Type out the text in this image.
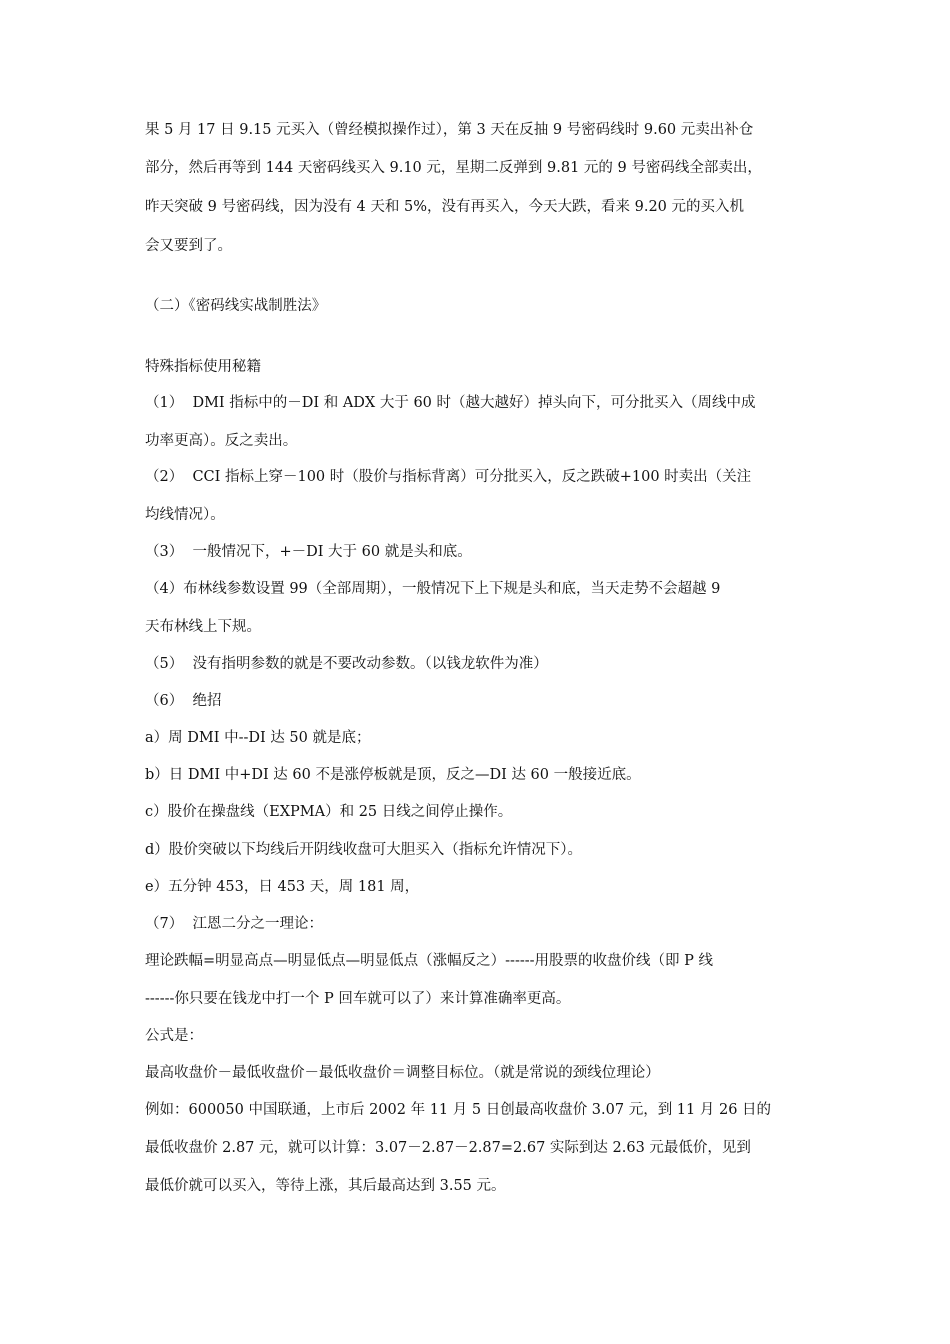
果 5 月 17 日 9.15 元买入（曾经模拟操作过），第 3 天在反抽 9 号密码线时 9.60 元卖出补仓
部分，然后再等到 144 天密码线买入 9.10 元，星期二反弹到 9.81 元的 9 号密码线全部卖出，
昨天突破 9 号密码线，因为没有 4 天和 5%，没有再买入，今天大跌，看来 9.20 元的买入机
会又要到了。
（二）《密码线实战制胜法》
特殊指标使用秘籍
（1）  DMI 指标中的－DI 和 ADX 大于 60 时（越大越好）掉头向下，可分批买入（周线中成
功率更高）。反之卖出。
（2）  CCI 指标上穿－100 时（股价与指标背离）可分批买入，反之跌破+100 时卖出（关注
均线情况）。
（3）  一般情况下，+－DI 大于 60 就是头和底。
（4）布林线参数设置 99（全部周期），一般情况下上下规是头和底，当天走势不会超越 9
天布林线上下规。
（5）  没有指明参数的就是不要改动参数。（以钱龙软件为准）
（6）  绝招
a）周 DMI 中--DI 达 50 就是底；
b）日 DMI 中+DI 达 60 不是涨停板就是顶，反之—DI 达 60 一般接近底。
c）股价在操盘线（EXPMA）和 25 日线之间停止操作。
d）股价突破以下均线后开阴线收盘可大胆买入（指标允许情况下）。
e）五分钟 453，日 453 天，周 181 周，
（7）  江恩二分之一理论：
理论跌幅=明显高点—明显低点—明显低点（涨幅反之）------用股票的收盘价线（即 P 线
------你只要在钱龙中打一个 P 回车就可以了）来计算准确率更高。
公式是：
最高收盘价－最低收盘价－最低收盘价＝调整目标位。（就是常说的颈线位理论）
例如：600050 中国联通，上市后 2002 年 11 月 5 日创最高收盘价 3.07 元，到 11 月 26 日的
最低收盘价 2.87 元，就可以计算：3.07－2.87－2.87=2.67 实际到达 2.63 元最低价，见到
最低价就可以买入，等待上涨，其后最高达到 3.55 元。
